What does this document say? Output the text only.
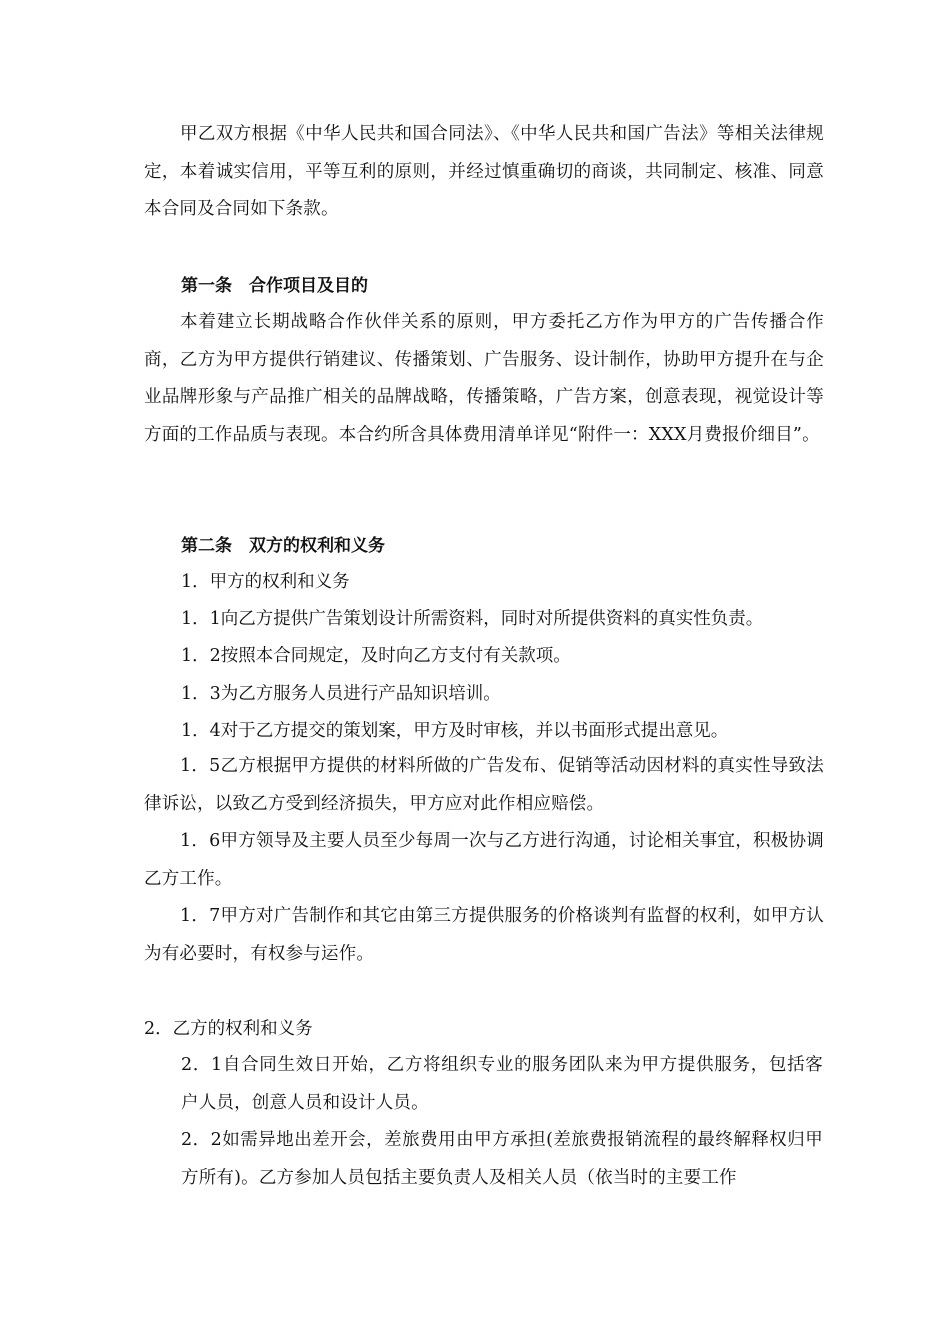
甲乙双方根据《中华人民共和国合同法》、《中华人民共和国广告法》等相关法律规定，本着诚实信用，平等互利的原则，并经过慎重确切的商谈，共同制定、核准、同意本合同及合同如下条款。

第一条　合作项目及目的

本着建立长期战略合作伙伴关系的原则，甲方委托乙方作为甲方的广告传播合作商，乙方为甲方提供行销建议、传播策划、广告服务、设计制作，协助甲方提升在与企业品牌形象与产品推广相关的品牌战略，传播策略，广告方案，创意表现，视觉设计等方面的工作品质与表现。本合约所含具体费用清单详见“附件一：XXX月费报价细目”。

第二条　双方的权利和义务

1．甲方的权利和义务

1．1向乙方提供广告策划设计所需资料，同时对所提供资料的真实性负责。

1．2按照本合同规定，及时向乙方支付有关款项。

1．3为乙方服务人员进行产品知识培训。

1．4对于乙方提交的策划案，甲方及时审核，并以书面形式提出意见。

1．5乙方根据甲方提供的材料所做的广告发布、促销等活动因材料的真实性导致法律诉讼，以致乙方受到经济损失，甲方应对此作相应赔偿。

1．6甲方领导及主要人员至少每周一次与乙方进行沟通，讨论相关事宜，积极协调乙方工作。

1．7甲方对广告制作和其它由第三方提供服务的价格谈判有监督的权利，如甲方认为有必要时，有权参与运作。

2．乙方的权利和义务

2．1自合同生效日开始，乙方将组织专业的服务团队来为甲方提供服务，包括客户人员，创意人员和设计人员。

2．2如需异地出差开会，差旅费用由甲方承担(差旅费报销流程的最终解释权归甲方所有)。乙方参加人员包括主要负责人及相关人员（依当时的主要工作
